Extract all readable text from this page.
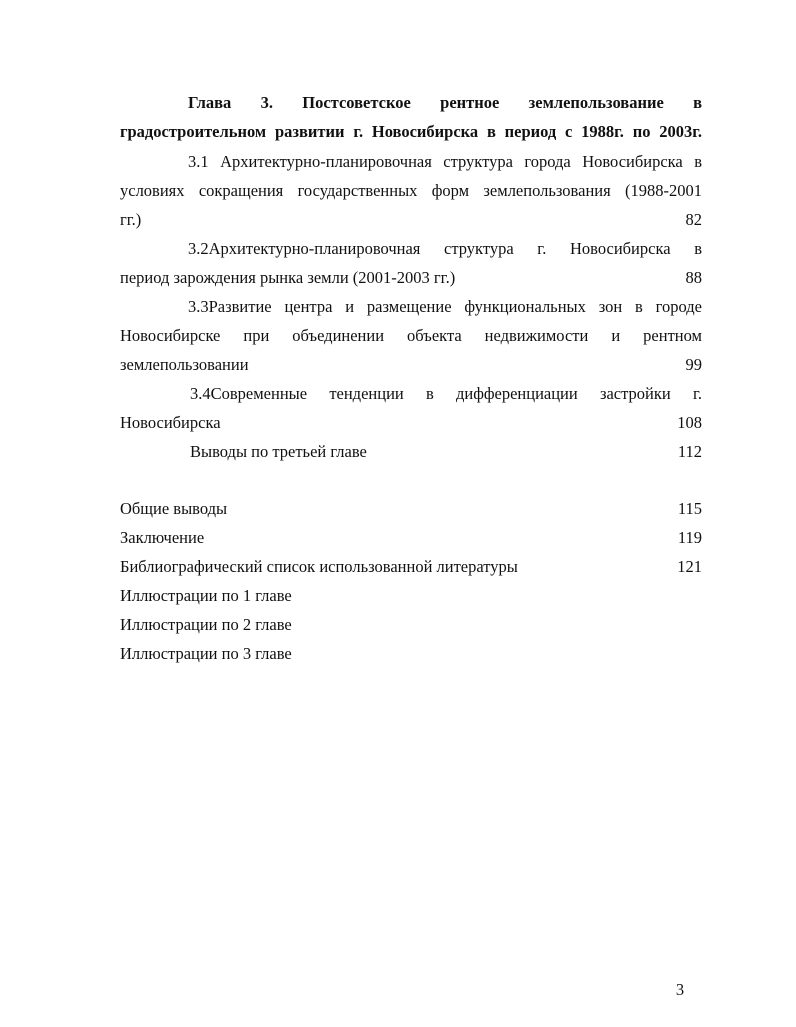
Глава 3. Постсоветское рентное землепользование в
градостроительном развитии г. Новосибирска в период с 1988г. по 2003г.
3.1 Архитектурно-планировочная структура города Новосибирска в
условиях сокращения государственных форм землепользования (1988-2001
гг.)	82
3.2Архитектурно-планировочная структура г. Новосибирска в
период зарождения рынка земли (2001-2003 гг.)	88
3.3Развитие центра и размещение функциональных зон в городе
Новосибирске при объединении объекта недвижимости и рентном
землепользовании	99
3.4Современные тенденции в дифференциации застройки г.
Новосибирска	108
Выводы по третьей главе	112
Общие выводы	115
Заключение	119
Библиографический список использованной литературы	121
Иллюстрации по 1 главе
Иллюстрации по 2 главе
Иллюстрации по 3 главе
3
